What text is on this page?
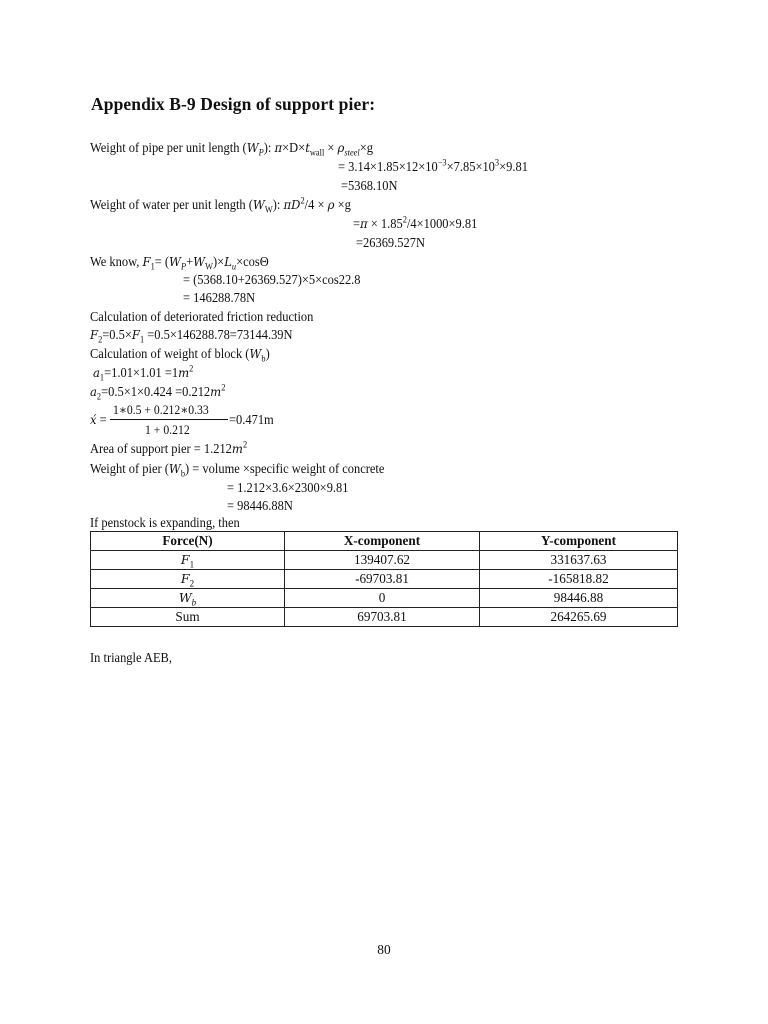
Appendix B-9 Design of support pier:
Weight of pipe per unit length $(W_P)$: $\pi\times D\times t_{wall} \times \rho_{steel}\times g$
= $3.14\times 1.85\times 12\times 10^{-3}\times 7.85\times 10^3\times 9.81$
=5368.10N
Weight of water per unit length $(W_W)$: $\pi D^2/4 \times \rho \times g$
$=\pi \times 1.85^2/4\times 1000\times 9.81$
=26369.527N
We know, $F_1= (W_P+W_W)\times L_u\times\cos\Theta$
= (5368.10+26369.527)×5×cos22.8
= 146288.78N
Calculation of deteriorated friction reduction
$F_2=0.5\times F_1 =0.5\times 146288.78=73144.39N$
Calculation of weight of block $(W_b)$
$a_1=1.01\times 1.01 =1m^2$
$a_2=0.5\times 1\times 0.424 =0.212m^2$
x́ =
1∗0.5 + 0.212∗0.33
1 + 0.212
=0.471m
Area of support pier = $1.212m^2$
Weight of pier $(W_b)$ = volume ×specific weight of concrete
= 1.212×3.6×2300×9.81
= 98446.88N
If penstock is expanding, then
Force(N)	X-component	Y-component
$F_1$	139407.62	331637.63
$F_2$	-69703.81	-165818.82
$W_b$	0	98446.88
Sum	69703.81	264265.69
In triangle AEB,
80
